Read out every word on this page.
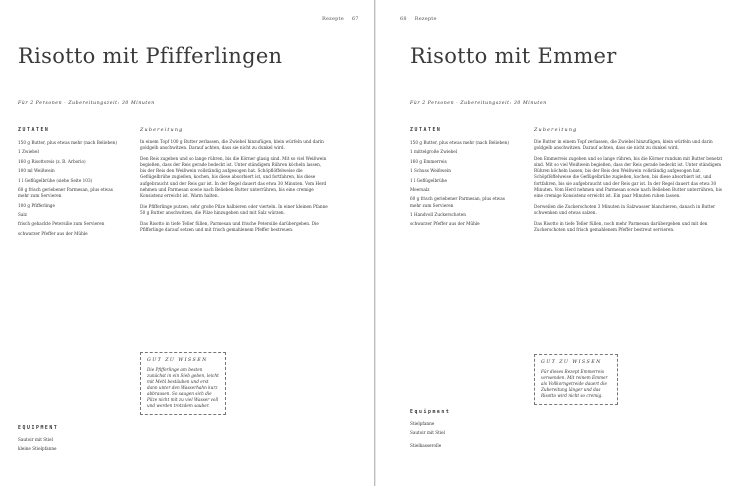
Rezepte 67
Risotto mit Pfifferlingen
Für 2 Personen · Zubereitungszeit: 30 Minuten
ZUTATEN
150 g Butter, plus etwas mehr (nach Belieben)
1 Zwiebel
160 g Risottoreis (z. B. Arborio)
100 ml Weißwein
1 l Geflügelbrühe (siehe Seite 103)
60 g frisch geriebener Parmesan, plus etwas mehr zum Servieren
100 g Pfifferlinge
Salz
frisch gehackte Petersilie zum Servieren
schwarzer Pfeffer aus der Mühle
Zubereitung

In einem Topf 100 g Butter zerlassen, die Zwiebel hinzufügen, klein würfeln und darin goldgelb anschwitzen. Darauf achten, dass sie nicht zu dunkel wird.

Den Reis zugeben und so lange rühren, bis die Körner glasig sind. Mit so viel Weißwein begießen, dass der Reis gerade bedeckt ist. Unter ständigem Rühren köcheln lassen, bis der Reis den Weißwein vollständig aufgesogen hat. Schöpflöffelweise die Geflügelbrühe zugießen, kochen, bis diese absorbiert ist, und fortfahren, bis diese aufgebraucht und der Reis gar ist. In der Regel dauert das etwa 30 Minuten. Vom Herd nehmen und Parmesan sowie nach Belieben Butter unterrühren, bis eine cremige Konsistenz erreicht ist. Warm halten.

Die Pfifferlinge putzen, sehr große Pilze halbieren oder vierteln. In einer kleinen Pfanne 50 g Butter anschwitzen, die Pilze hinzugeben und mit Salz würzen.

Das Risotto in tiefe Teller füllen, Parmesan und frische Petersilie darübergeben. Die Pfifferlinge darauf setzen und mit frisch gemahlenem Pfeffer bestreuen.

GUT ZU WISSEN
Die Pfifferlinge am besten zunächst in ein Sieb geben, leicht mit Mehl bestäuben und erst dann unter den Wasserhahn kurz abbrausen. So saugen sich die Pilze nicht mit zu viel Wasser voll und werden trotzdem sauber.
EQUIPMENT
Sautoir mit Stiel
kleine Stielpfanne
68 Rezepte
Risotto mit Emmer
Für 2 Personen · Zubereitungszeit: 30 Minuten
ZUTATEN
150 g Butter, plus etwas mehr (nach Belieben)
1 mittelgroße Zwiebel
160 g Emmerreis
1 Schuss Weißwein
1 l Geflügelbrühe
Meersalz
60 g frisch geriebener Parmesan, plus etwas mehr zum Servieren
1 Handvoll Zuckerschoten
schwarzer Pfeffer aus der Mühle
Zubereitung

Die Butter in einem Topf zerlassen, die Zwiebel hinzufügen, klein würfeln und darin goldgelb anschwitzen. Darauf achten, dass sie nicht zu dunkel wird.

Den Emmerreis zugeben und so lange rühren, bis die Körner rundum mit Butter benetzt sind. Mit so viel Weißwein begießen, dass der Reis gerade bedeckt ist. Unter ständigem Rühren köcheln lassen, bis der Reis den Weißwein vollständig aufgesogen hat. Schöpflöffelweise die Geflügelbrühe zugießen, kochen, bis diese absorbiert ist, und fortfahren, bis sie aufgebraucht und der Reis gar ist. In der Regel dauert das etwa 30 Minuten. Vom Herd nehmen und Parmesan sowie nach Belieben Butter unterrühren, bis eine cremige Konsistenz erreicht ist. Ein paar Minuten ruhen lassen.

Derweilen die Zuckerschoten 3 Minuten in Salzwasser blanchieren, danach in Butter schwenken und etwas salzen.

Das Risotto in tiefe Teller füllen, noch mehr Parmesan darübergeben und mit den Zuckerschoten und frisch gemahlenem Pfeffer bestreut servieren.

GUT ZU WISSEN
Für dieses Rezept Emmerreis verwenden. Mit reinem Emmer als Vollkorngetreide dauert die Zubereitung länger und das Risotto wird nicht so cremig.
Equipment
Stielpfanne
Sautoir mit Stiel
Stielkasserolle
